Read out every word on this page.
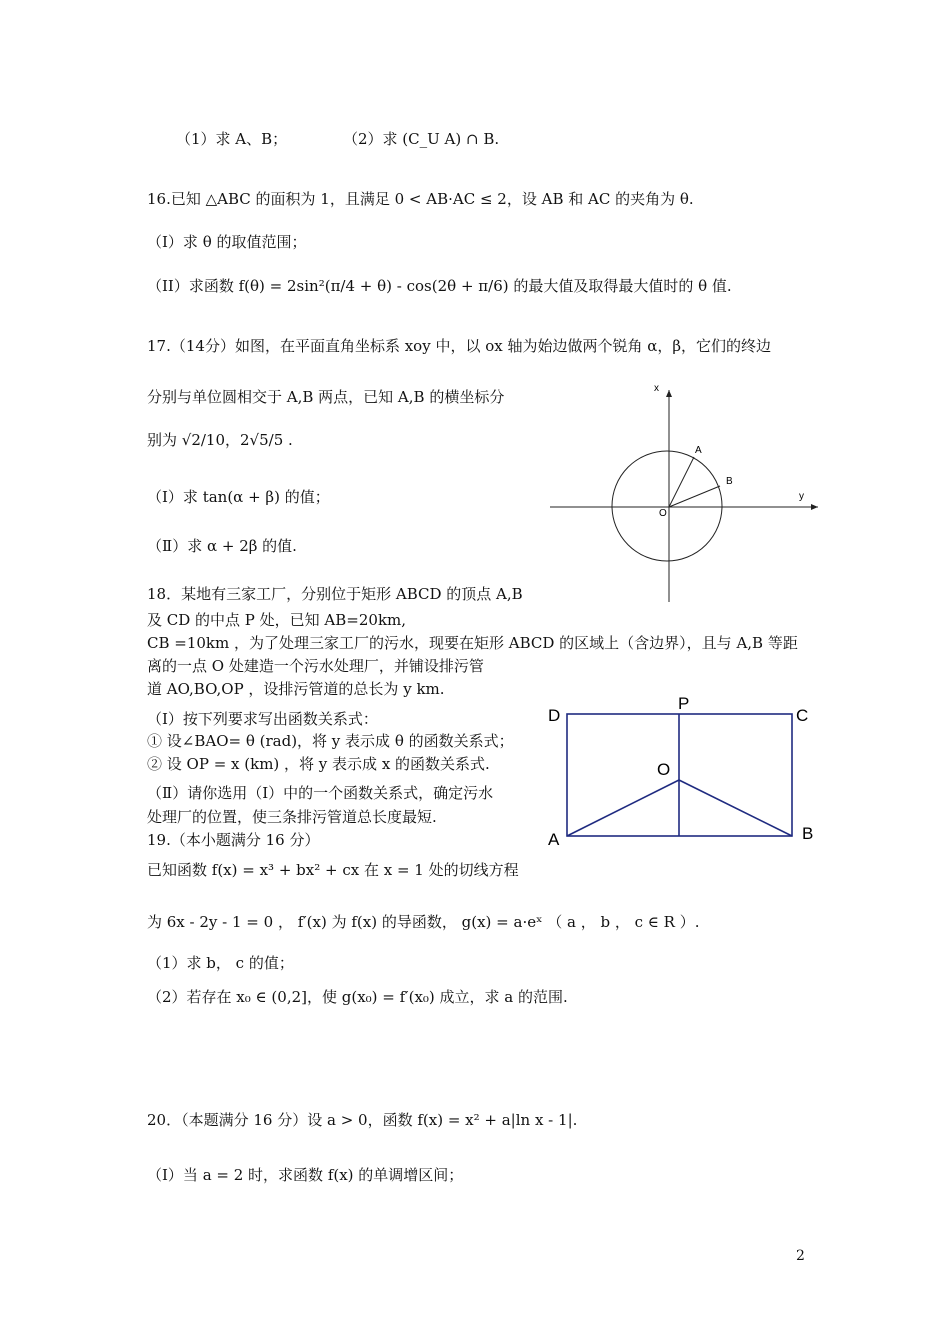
（1）求 A、B；	（2）求 (C_U A) ∩ B.
16.已知 △ABC 的面积为 1，且满足 0 < AB·AC ≤ 2，设 AB 和 AC 的夹角为 θ.
（I）求 θ 的取值范围；
（II）求函数 f(θ) = 2sin²(π/4 + θ) - cos(2θ + π/6) 的最大值及取得最大值时的 θ 值.
17.（14分）如图，在平面直角坐标系 xoy 中，以 ox 轴为始边做两个锐角 α，β，它们的终边
分别与单位圆相交于 A,B 两点，已知 A,B 的横坐标分
别为 √2/10，2√5/5 .
（Ⅰ）求 tan(α + β) 的值；
（Ⅱ）求 α + 2β 的值.
x
y
O
A
B
18．某地有三家工厂，分别位于矩形 ABCD 的顶点 A,B
及 CD 的中点 P 处，已知 AB=20km,
CB =10km ，为了处理三家工厂的污水，现要在矩形 ABCD 的区域上（含边界），且与 A,B 等距
离的一点 O 处建造一个污水处理厂，并铺设排污管
道 AO,BO,OP ，设排污管道的总长为 y km.
（Ⅰ）按下列要求写出函数关系式：
① 设∠BAO= θ (rad)，将 y 表示成 θ 的函数关系式；
② 设 OP = x (km) ，将 y 表示成 x 的函数关系式.
（Ⅱ）请你选用（Ⅰ）中的一个函数关系式，确定污水
处理厂的位置，使三条排污管道总长度最短.
D
P
C
O
A	B
19.（本小题满分 16 分）
已知函数 f(x) = x³ + bx² + cx 在 x = 1 处的切线方程
为 6x - 2y - 1 = 0 ， f′(x) 为 f(x) 的导函数， g(x) = a·eˣ （ a ， b ， c ∈ R ）.
（1）求 b， c 的值；
（2）若存在 x₀ ∈ (0,2]，使 g(x₀) = f′(x₀) 成立，求 a 的范围.
20．（本题满分 16 分）设 a > 0，函数 f(x) = x² + a|ln x - 1|.
（Ⅰ）当 a = 2 时，求函数 f(x) 的单调增区间；
2
